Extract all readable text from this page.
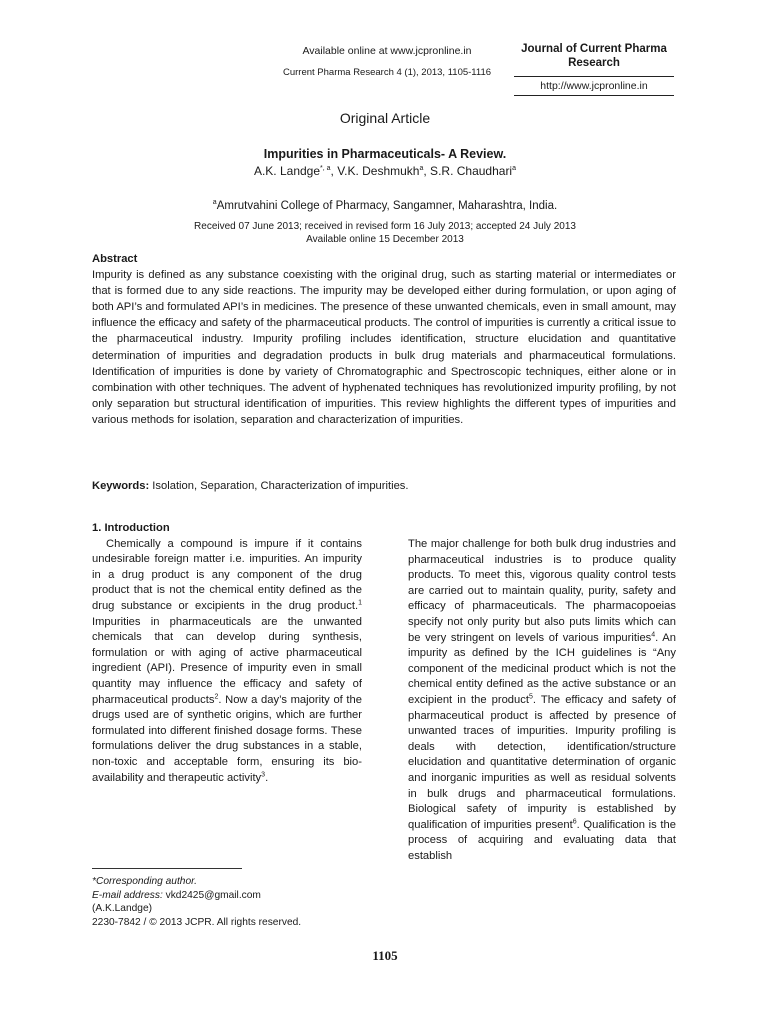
Available online at www.jcpronline.in
Current Pharma Research 4 (1), 2013, 1105-1116
Journal of Current Pharma Research
http://www.jcpronline.in
Original Article
Impurities in Pharmaceuticals- A Review.
A.K. Landge$^{*, a}$, V.K. Deshmukh$^a$, S.R. Chaudhari$^a$
$^a$Amrutvahini College of Pharmacy, Sangamner, Maharashtra, India.
Received 07 June 2013; received in revised form 16 July 2013; accepted 24 July 2013
Available online 15 December 2013
Abstract
Impurity is defined as any substance coexisting with the original drug, such as starting material or intermediates or that is formed due to any side reactions. The impurity may be developed either during formulation, or upon aging of both API’s and formulated API’s in medicines. The presence of these unwanted chemicals, even in small amount, may influence the efficacy and safety of the pharmaceutical products. The control of impurities is currently a critical issue to the pharmaceutical industry. Impurity profiling includes identification, structure elucidation and quantitative determination of impurities and degradation products in bulk drug materials and pharmaceutical formulations. Identification of impurities is done by variety of Chromatographic and Spectroscopic techniques, either alone or in combination with other techniques. The advent of hyphenated techniques has revolutionized impurity profiling, by not only separation but structural identification of impurities. This review highlights the different types of impurities and various methods for isolation, separation and characterization of impurities.
Keywords: Isolation, Separation, Characterization of impurities.
1. Introduction
Chemically a compound is impure if it contains undesirable foreign matter i.e. impurities. An impurity in a drug product is any component of the drug product that is not the chemical entity defined as the drug substance or excipients in the drug product.$^1$ Impurities in pharmaceuticals are the unwanted chemicals that can develop during synthesis, formulation or with aging of active pharmaceutical ingredient (API). Presence of impurity even in small quantity may influence the efficacy and safety of pharmaceutical products$^2$. Now a day’s majority of the drugs used are of synthetic origins, which are further formulated into different finished dosage forms. These formulations deliver the drug substances in a stable, non-toxic and acceptable form, ensuring its bio-availability and therapeutic activity$^3$.
The major challenge for both bulk drug industries and pharmaceutical industries is to produce quality products. To meet this, vigorous quality control tests are carried out to maintain quality, purity, safety and efficacy of pharmaceuticals. The pharmacopoeias specify not only purity but also puts limits which can be very stringent on levels of various impurities$^4$. An impurity as defined by the ICH guidelines is “Any component of the medicinal product which is not the chemical entity defined as the active substance or an excipient in the product$^5$. The efficacy and safety of pharmaceutical product is affected by presence of unwanted traces of impurities. Impurity profiling is deals with detection, identification/structure elucidation and quantitative determination of organic and inorganic impurities as well as residual solvents in bulk drugs and pharmaceutical formulations. Biological safety of impurity is established by qualification of impurities present$^6$. Qualification is the process of acquiring and evaluating data that establish
*Corresponding author.
E-mail address: vkd2425@gmail.com
(A.K.Landge)
2230-7842 / © 2013 JCPR. All rights reserved.
1105
